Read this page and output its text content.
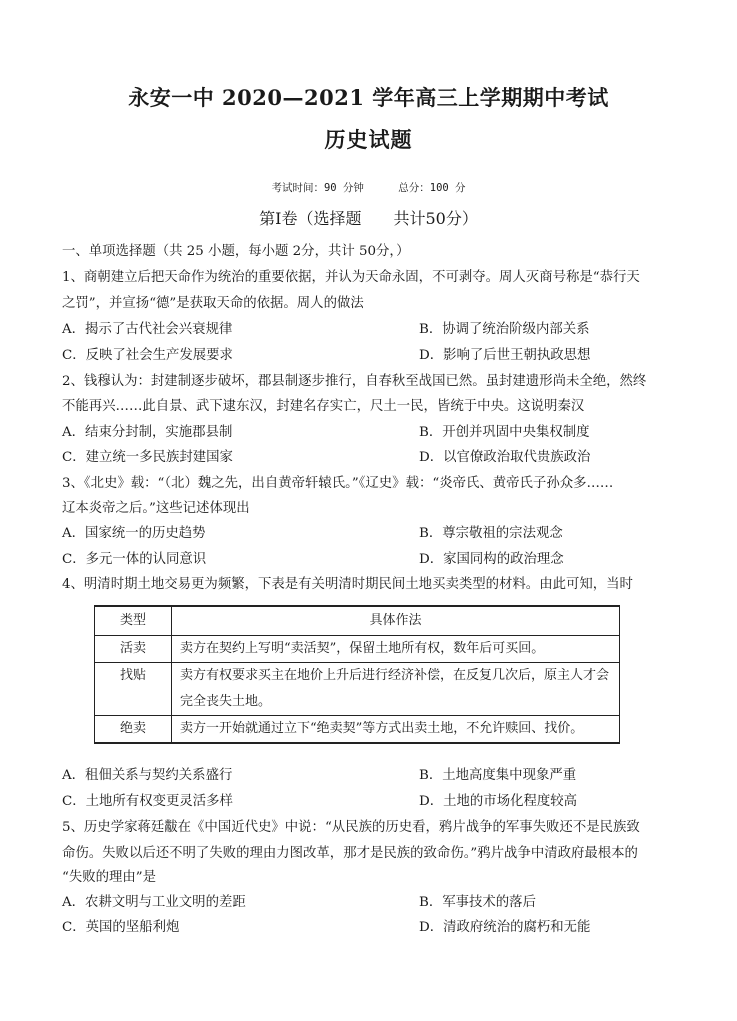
永安一中 2020—2021 学年高三上学期期中考试
历史试题
考试时间：90 分钟	总分：100 分
第Ⅰ卷（选择题　　共计50分）
一、单项选择题（共 25 小题，每小题 2分，共计 50分，）
1、商朝建立后把天命作为统治的重要依据，并认为天命永固，不可剥夺。周人灭商号称是“恭行天
之罚”，并宣扬“德”是获取天命的依据。周人的做法
A．揭示了古代社会兴衰规律	B．协调了统治阶级内部关系
C．反映了社会生产发展要求	D．影响了后世王朝执政思想
2、钱穆认为：封建制逐步破坏，郡县制逐步推行，自春秋至战国已然。虽封建遗形尚未全绝，然终
不能再兴……此自景、武下逮东汉，封建名存实亡，尺土一民，皆统于中央。这说明秦汉
A．结束分封制，实施郡县制	B．开创并巩固中央集权制度
C．建立统一多民族封建国家	D．以官僚政治取代贵族政治
3、《北史》载：“（北）魏之先，出自黄帝轩辕氏。”《辽史》载：“炎帝氏、黄帝氏子孙众多……
辽本炎帝之后。”这些记述体现出
A．国家统一的历史趋势	B．尊宗敬祖的宗法观念
C．多元一体的认同意识	D．家国同构的政治理念
4、明清时期土地交易更为频繁，下表是有关明清时期民间土地买卖类型的材料。由此可知，当时
类型	具体作法
活卖	卖方在契约上写明“卖活契”，保留土地所有权，数年后可买回。
找贴	卖方有权要求买主在地价上升后进行经济补偿，在反复几次后，原主人才会完全丧失土地。
绝卖	卖方一开始就通过立下“绝卖契”等方式出卖土地，不允许赎回、找价。
A．租佃关系与契约关系盛行	B．土地高度集中现象严重
C．土地所有权变更灵活多样	D．土地的市场化程度较高
5、历史学家蒋廷黻在《中国近代史》中说：“从民族的历史看，鸦片战争的军事失败还不是民族致
命伤。失败以后还不明了失败的理由力图改革，那才是民族的致命伤。”鸦片战争中清政府最根本的
“失败的理由”是
A．农耕文明与工业文明的差距	B．军事技术的落后
C．英国的坚船利炮	D．清政府统治的腐朽和无能
